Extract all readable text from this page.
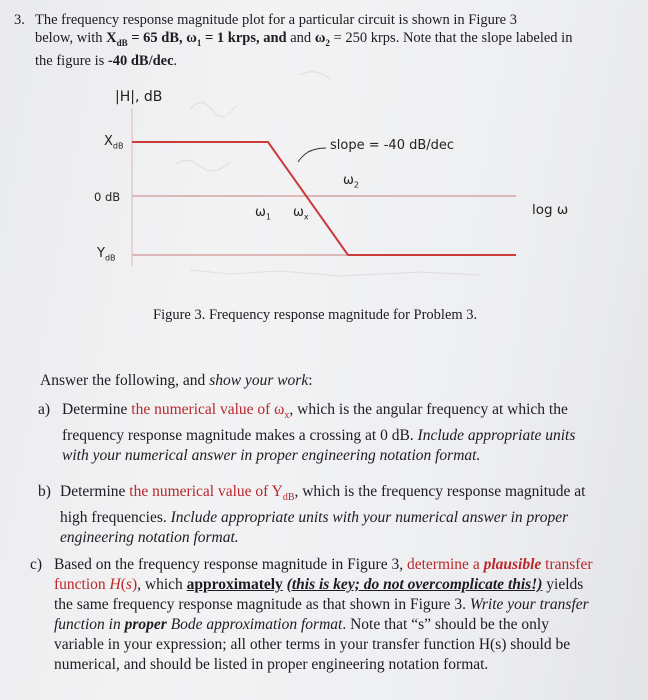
3. The frequency response magnitude plot for a particular circuit is shown in Figure 3
below, with $X_{dB} = 65$ dB, $\omega_1 = 1$ krps, and and $\omega_2 = 250$ krps. Note that the slope labeled in
the figure is -40 dB/dec.
|H|, dB
$X_{dB}$
0 dB
$Y_{dB}$
slope = -40 dB/dec
$\omega_2$
$\omega_1$ $\omega_x$	log ω
Figure 3. Frequency response magnitude for Problem 3.
Answer the following, and show your work:
a) Determine the numerical value of $\omega_x$, which is the angular frequency at which the
frequency response magnitude makes a crossing at 0 dB. Include appropriate units
with your numerical answer in proper engineering notation format.
b) Determine the numerical value of $Y_{dB}$, which is the frequency response magnitude at
high frequencies. Include appropriate units with your numerical answer in proper
engineering notation format.
c) Based on the frequency response magnitude in Figure 3, determine a plausible transfer
function H(s), which approximately (this is key; do not overcomplicate this!) yields
the same frequency response magnitude as that shown in Figure 3. Write your transfer
function in proper Bode approximation format. Note that “s” should be the only
variable in your expression; all other terms in your transfer function H(s) should be
numerical, and should be listed in proper engineering notation format.
